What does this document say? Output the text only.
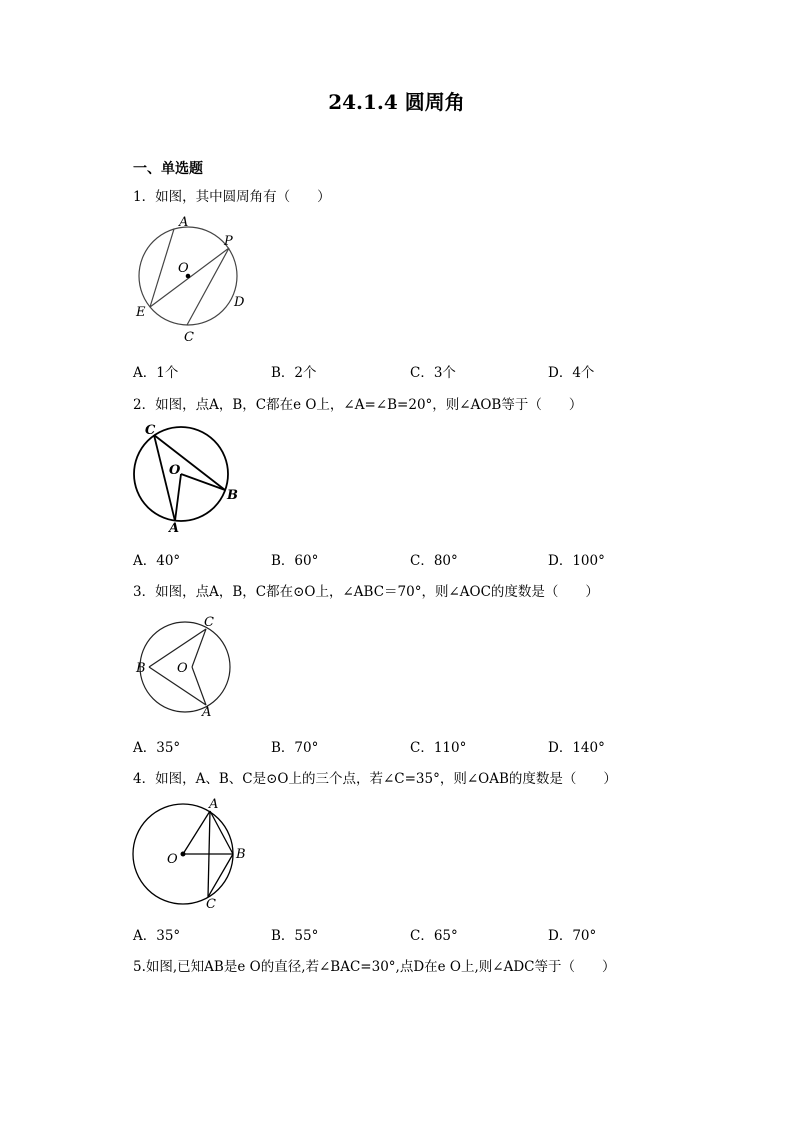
24.1.4 圆周角
一、单选题
1．如图，其中圆周角有（　　）
A
P
O
D
E
C
A．1个	B．2个	C．3个	D．4个
2．如图，点A，B，C都在e O上，∠A=∠B=20°，则∠AOB等于（　　）
C
O
B
A
A．40°	B．60°	C．80°	D．100°
3．如图，点A，B，C都在⊙O上，∠ABC＝70°，则∠AOC的度数是（　　）
C
B O
A
A．35°	B．70°	C．110°	D．140°
4．如图，A、B、C是⊙O上的三个点，若∠C=35°，则∠OAB的度数是（　　）
A
O	B
C
A．35°	B．55°	C．65°	D．70°
5.如图,已知AB是e O的直径,若∠BAC=30°,点D在e O上,则∠ADC等于（　　）
